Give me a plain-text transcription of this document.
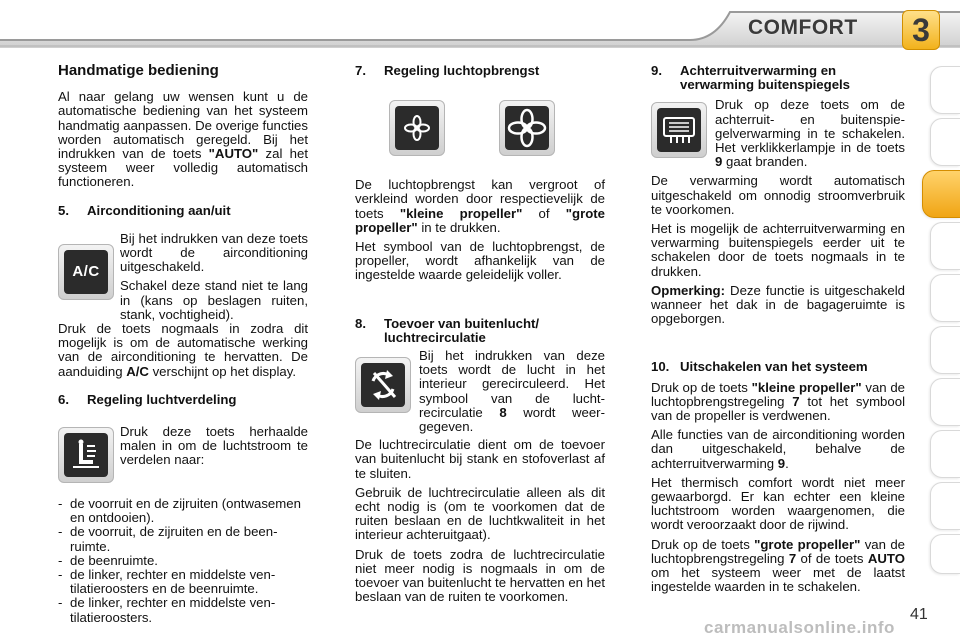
COMFORT	3
Handmatige bediening

Al naar gelang uw wensen kunt u de automatische bediening van het systeem handmatig aanpassen. De overige functies worden automatisch geregeld. Bij het indrukken van de toets "AUTO" zal het systeem weer volledig automatisch functioneren.

5.	Airconditioning aan/uit
A/C

Bij het indrukken van deze toets wordt de airconditioning uitgeschakeld.

Schakel deze stand niet te lang in (kans op beslagen ruiten, stank, vochtigheid).

Druk de toets nogmaals in zodra dit mogelijk is om de automatische werking van de airconditioning te hervatten. De aanduiding A/C verschijnt op het display.

6.	Regeling luchtverdeling

Druk deze toets herhaalde malen in om de luchtstroom te verdelen naar:

- de voorruit en de zijruiten (ontwasemen en ontdooien).
- de voorruit, de zijruiten en de beenruimte.
- de beenruimte.
- de linker, rechter en middelste ventilatieroosters en de beenruimte.
- de linker, rechter en middelste ventilatieroosters.
7.	Regeling luchtopbrengst

De luchtopbrengst kan vergroot of verkleind worden door respectievelijk de toets "kleine propeller" of "grote propeller" in te drukken.

Het symbool van de luchtopbrengst, de propeller, wordt afhankelijk van de ingestelde waarde geleidelijk voller.

8.	Toevoer van buitenlucht/ luchtrecirculatie

Bij het indrukken van deze toets wordt de lucht in het interieur gerecirculeerd. Het symbool van de luchtrecirculatie 8 wordt weergegeven.

De luchtrecirculatie dient om de toevoer van buitenlucht bij stank en stofoverlast af te sluiten.

Gebruik de luchtrecirculatie alleen als dit echt nodig is (om te voorkomen dat de ruiten beslaan en de luchtkwaliteit in het interieur achteruitgaat).

Druk de toets zodra de luchtrecirculatie niet meer nodig is nogmaals in om de toevoer van buitenlucht te hervatten en het beslaan van de ruiten te voorkomen.

9.	Achterruitverwarming en verwarming buitenspiegels

Druk op deze toets om de achterruit- en buitenspiegelverwarming in te schakelen. Het verklikkerlampje in de toets 9 gaat branden.

De verwarming wordt automatisch uitgeschakeld om onnodig stroomverbruik te voorkomen.

Het is mogelijk de achterruitverwarming en verwarming buitenspiegels eerder uit te schakelen door de toets nogmaals in te drukken.

Opmerking: Deze functie is uitgeschakeld wanneer het dak in de bagageruimte is opgeborgen.

10. Uitschakelen van het systeem

Druk op de toets "kleine propeller" van de luchtopbrengstregeling 7 tot het symbool van de propeller is verdwenen.

Alle functies van de airconditioning worden dan uitgeschakeld, behalve de achterruitverwarming 9.

Het thermisch comfort wordt niet meer gewaarborgd. Er kan echter een kleine luchtstroom worden waargenomen, die wordt veroorzaakt door de rijwind.

Druk op de toets "grote propeller" van de luchtopbrengstregeling 7 of de toets AUTO om het systeem weer met de laatst ingestelde waarden in te schakelen.

41
carmanualsonline.info
